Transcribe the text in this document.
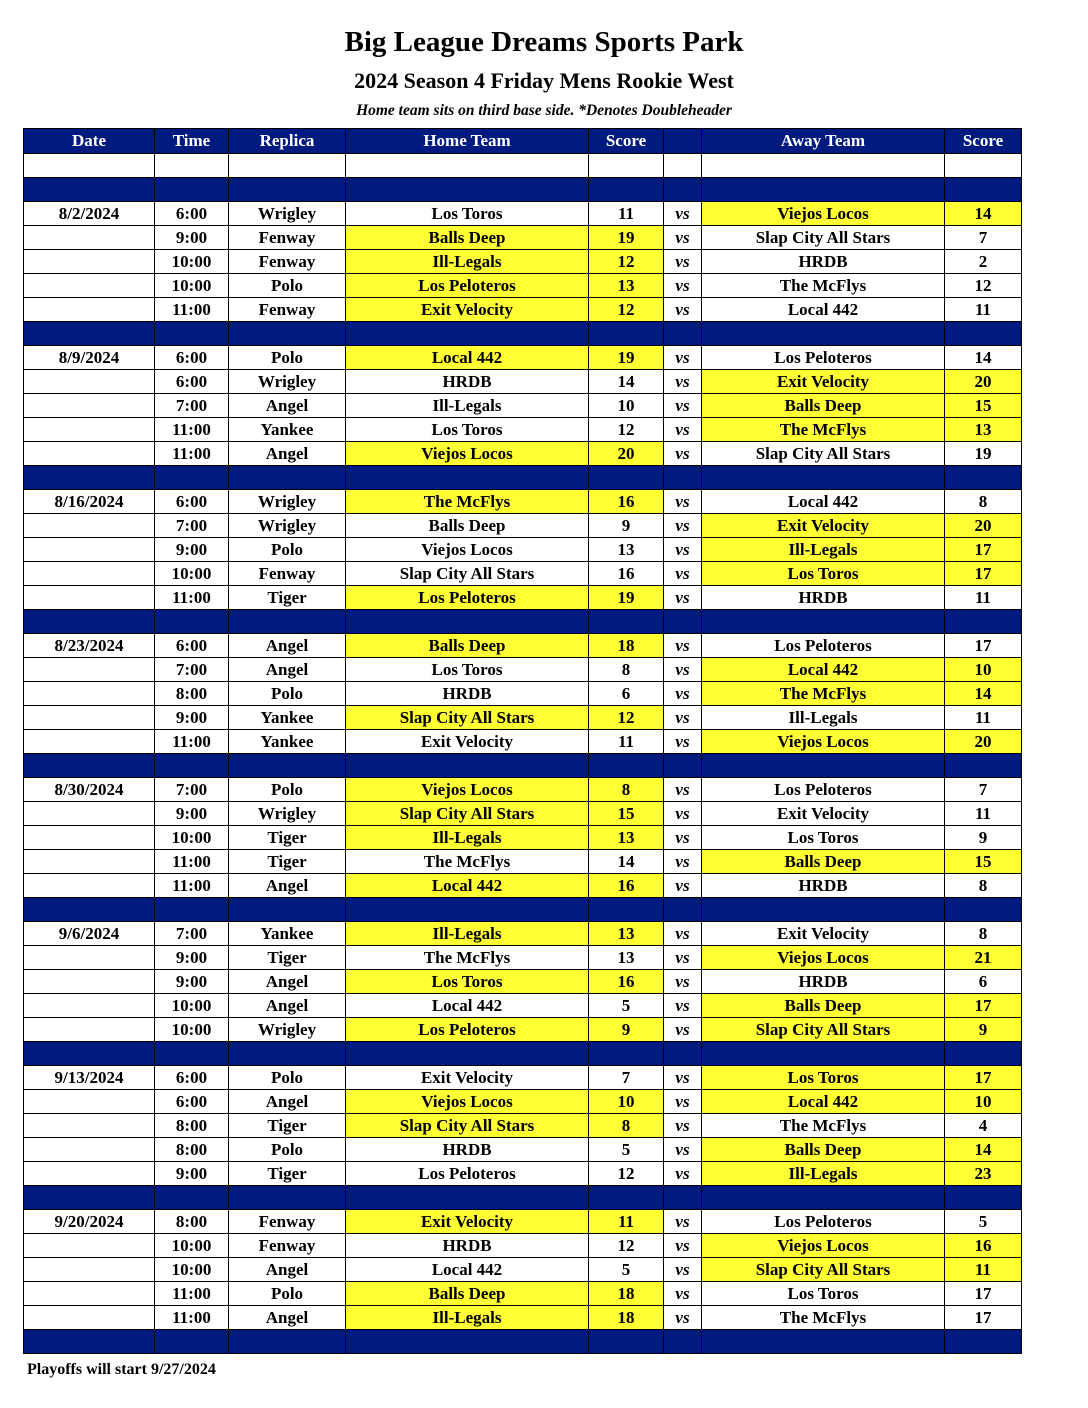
Big League Dreams Sports Park
2024 Season 4 Friday Mens Rookie West
Home team sits on third base side. *Denotes Doubleheader
Date	Time	Replica	Home Team	Score		Away Team	Score

8/2/2024	6:00	Wrigley	Los Toros	11	vs	Viejos Locos	14
	9:00	Fenway	Balls Deep	19	vs	Slap City All Stars	7
	10:00	Fenway	Ill-Legals	12	vs	HRDB	2
	10:00	Polo	Los Peloteros	13	vs	The McFlys	12
	11:00	Fenway	Exit Velocity	12	vs	Local 442	11

8/9/2024	6:00	Polo	Local 442	19	vs	Los Peloteros	14
	6:00	Wrigley	HRDB	14	vs	Exit Velocity	20
	7:00	Angel	Ill-Legals	10	vs	Balls Deep	15
	11:00	Yankee	Los Toros	12	vs	The McFlys	13
	11:00	Angel	Viejos Locos	20	vs	Slap City All Stars	19

8/16/2024	6:00	Wrigley	The McFlys	16	vs	Local 442	8
	7:00	Wrigley	Balls Deep	9	vs	Exit Velocity	20
	9:00	Polo	Viejos Locos	13	vs	Ill-Legals	17
	10:00	Fenway	Slap City All Stars	16	vs	Los Toros	17
	11:00	Tiger	Los Peloteros	19	vs	HRDB	11

8/23/2024	6:00	Angel	Balls Deep	18	vs	Los Peloteros	17
	7:00	Angel	Los Toros	8	vs	Local 442	10
	8:00	Polo	HRDB	6	vs	The McFlys	14
	9:00	Yankee	Slap City All Stars	12	vs	Ill-Legals	11
	11:00	Yankee	Exit Velocity	11	vs	Viejos Locos	20

8/30/2024	7:00	Polo	Viejos Locos	8	vs	Los Peloteros	7
	9:00	Wrigley	Slap City All Stars	15	vs	Exit Velocity	11
	10:00	Tiger	Ill-Legals	13	vs	Los Toros	9
	11:00	Tiger	The McFlys	14	vs	Balls Deep	15
	11:00	Angel	Local 442	16	vs	HRDB	8

9/6/2024	7:00	Yankee	Ill-Legals	13	vs	Exit Velocity	8
	9:00	Tiger	The McFlys	13	vs	Viejos Locos	21
	9:00	Angel	Los Toros	16	vs	HRDB	6
	10:00	Angel	Local 442	5	vs	Balls Deep	17
	10:00	Wrigley	Los Peloteros	9	vs	Slap City All Stars	9

9/13/2024	6:00	Polo	Exit Velocity	7	vs	Los Toros	17
	6:00	Angel	Viejos Locos	10	vs	Local 442	10
	8:00	Tiger	Slap City All Stars	8	vs	The McFlys	4
	8:00	Polo	HRDB	5	vs	Balls Deep	14
	9:00	Tiger	Los Peloteros	12	vs	Ill-Legals	23

9/20/2024	8:00	Fenway	Exit Velocity	11	vs	Los Peloteros	5
	10:00	Fenway	HRDB	12	vs	Viejos Locos	16
	10:00	Angel	Local 442	5	vs	Slap City All Stars	11
	11:00	Polo	Balls Deep	18	vs	Los Toros	17
	11:00	Angel	Ill-Legals	18	vs	The McFlys	17

Playoffs will start 9/27/2024
